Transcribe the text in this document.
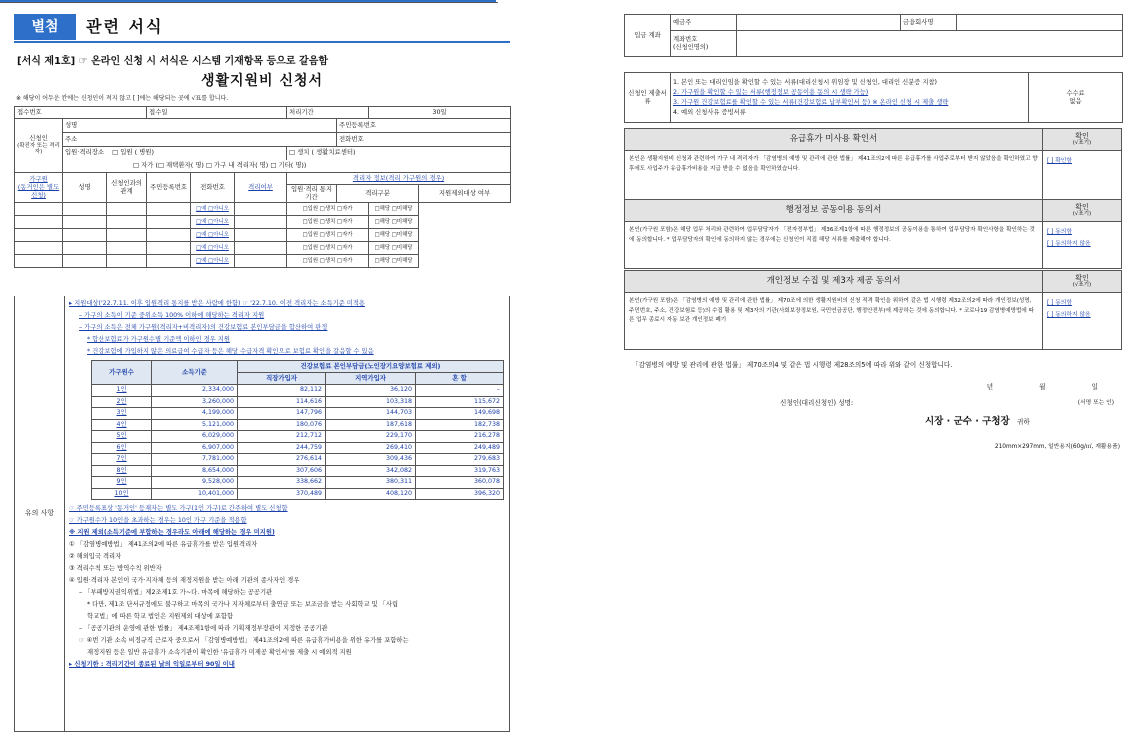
별첨	관련 서식
[서식 제1호] ☞ 온라인 신청 시 서식은 시스템 기재항목 등으로 갈음함
생활지원비 신청서
※ 해당이 어두운 칸에는 신청인이 적지 않고 [ ]에는 해당되는 곳에 √표를 합니다.
접수번호			접수일			처리기간		30일	

신청인
(확진자 또는 격리자)	성명						주민등록번호		
	주소						전화번호		
	입원·격리장소 □ 입원 ( 병원)					□ 생치 ( 생활치료센터)			
	□ 자가 (□ 재택환자( 명) □ 가구 내 격리자( 명) □ 기타( 명))								

가구원
(동거인은 별도 신청)	성명	신청인과의 관계	주민등록번호	전화번호	격리여부	격리자 정보(격리 가구원의 경우)			
						입원·격리 통지기간	격리구분		지원제외대상 여부

				□예 □아니오		□입원 □생치 □자가		□해당 □미해당	
				□예 □아니오		□입원 □생치 □자가		□해당 □미해당	
				□예 □아니오		□입원 □생치 □자가		□해당 □미해당	
				□예 □아니오		□입원 □생치 □자가		□해당 □미해당	
				□예 □아니오		□입원 □생치 □자가		□해당 □미해당	
유의 사항
▸ 지원대상('22.7.11. 이후 입원격리 통지를 받은 사람에 한함) ☞ '22.7.10. 이전 격리자는 소득기준 미적용
– 가구의 소득이 기준 중위소득 100% 이하에 해당하는 격리자 지원
– 가구의 소득은 전체 가구원(격리자+비격리자)의 건강보험료 본인부담금을 합산하여 판정
* 합산보험료가 가구원수별 기준액 이하인 경우 지원
* 건강보험에 가입하지 않은 의료급여 수급자 등은 해당 수급자격 확인으로 보험료 확인을 갈음할 수 있음
가구원수	소득기준	건강보험료 본인부담금(노인장기요양보험료 제외)		
		직장가입자	지역가입자	혼 합
1인	2,334,000	82,112	36,120	–
2인	3,260,000	114,616	103,318	115,672
3인	4,199,000	147,796	144,703	149,698
4인	5,121,000	180,076	187,618	182,738
5인	6,029,000	212,712	229,170	216,278
6인	6,907,000	244,759	269,410	249,489
7인	7,781,000	276,614	309,436	279,683
8인	8,654,000	307,606	342,082	319,763
9인	9,528,000	338,662	380,311	360,078
10인	10,401,000	370,489	408,120	396,320
☞ 주민등록표상 '동거인' 등재자는 별도 가구(1인 가구)로 간주하여 별도 신청함
☞ 가구원수가 10인을 초과하는 경우는 10인 가구 기준을 적용함
※ 지원 제외(소득기준에 부합하는 경우라도 아래에 해당하는 경우 미지원)
① 「감염병예방법」 제41조의2에 따른 유급휴가를 받은 입원격리자
② 해외입국 격리자
③ 격리수칙 또는 방역수칙 위반자
④ 입원·격리자 본인이 국가·지자체 등의 재정지원을 받는 아래 기관의 종사자인 경우
– 「부패방지권익위법」제2조제1호 가~다. 마목에 해당하는 공공기관
* 다만, 제1조 단서규정에도 불구하고 마목의 국가나 지자체로부터 출연금 또는 보조금을 받는 사회학교 및 「사립
학교법」에 따른 학교 법인은 지원제외 대상에 포함함
– 「공공기관의 운영에 관한 법률」 제4조제1항에 따라 기획재정부장관이 지정한 공공기관
☞ ④번 기관 소속 비정규직 근로자 중으로서 「감염병예방법」 제41조의2에 따른 유급휴가비용을 위한 유가를 포함하는
재정지원 등은 일반 유급휴가 소속기관이 확인한 '유급휴가 미제공 확인서'를 제출 시 예외적 지원
▸ 신청기한 : 격리기간이 종료된 날의 익일로부터 90일 이내
입금 계좌	예금주		금융회사명	

	계좌번호
(신청인명의)			

신청인 제출서류	
1. 본인 또는 대리인임을 확인할 수 있는 서류(대리신청시 위임장 및 신청인, 대리인 신분증 지참)
2. 가구원을 확인할 수 있는 서류(행정정보 공동이용 동의 시 생략 가능)
3. 가구원 건강보험료를 확인할 수 있는 서류(건강보험료 납부확인서 등) ※ 온라인 신청 시 제출 생략
4. 예외 신청사유 증빙서류

수수료
없음
유급휴가 미사용 확인서	확인
(√표기)
본인은 생활지원비 신청과 관련하여 가구 내 격리자가 「감염병의 예방 및 관리에 관한 법률」 제41조의2에 따른 유급휴가를 사업주로부터 받지 않았음을 확인하였고 향후에도 사업주가 유급휴가비용을 지급 받을 수 없음을 확인하였습니다.
[ ] 확인함
행정정보 공동이용 동의서	확인
(√표기)
본인(가구원 포함)은 해당 업무 처리와 관련하여 업무담당자가 「전자정부법」 제36조제1항에 따른 행정정보의 공동이용을 통하여 업무담당자 확인사항을 확인하는 것에 동의합니다. * 업무담당자의 확인에 동의하지 않는 경우에는 신청인이 직접 해당 서류를 제출해야 합니다.
[ ] 동의함
[ ] 동의하지 않음
개인정보 수집 및 제3자 제공 동의서	확인
(√표기)
본인(가구원 포함)은 「감염병의 예방 및 관리에 관한 법률」 제70조에 의한 생활지원비의 신청 적격 확인을 위하여 같은 법 시행령 제32조의2에 따라 개인정보(성명, 주민번호, 주소, 건강보험료 등)의 수집 활용 및 제3자의 기관(사회보장정보원, 국민연금공단, 행정안전부)에 제공하는 것에 동의합니다. * 코로나19 감염병예방법에 따른 업무 종료시 자동 보관 개인정보 폐기
[ ] 동의함
[ ] 동의하지 않음
「감염병의 예방 및 관리에 관한 법률」 제70조의4 및 같은 법 시행령 제28조의5에 따라 위와 같이 신청합니다.
년 월 일
신청인(대리신청인) 성명:	(서명 또는 인)
시장 · 군수 · 구청장 귀하
210mm×297mm, 일반용지(60g/㎡, 재활용품)
